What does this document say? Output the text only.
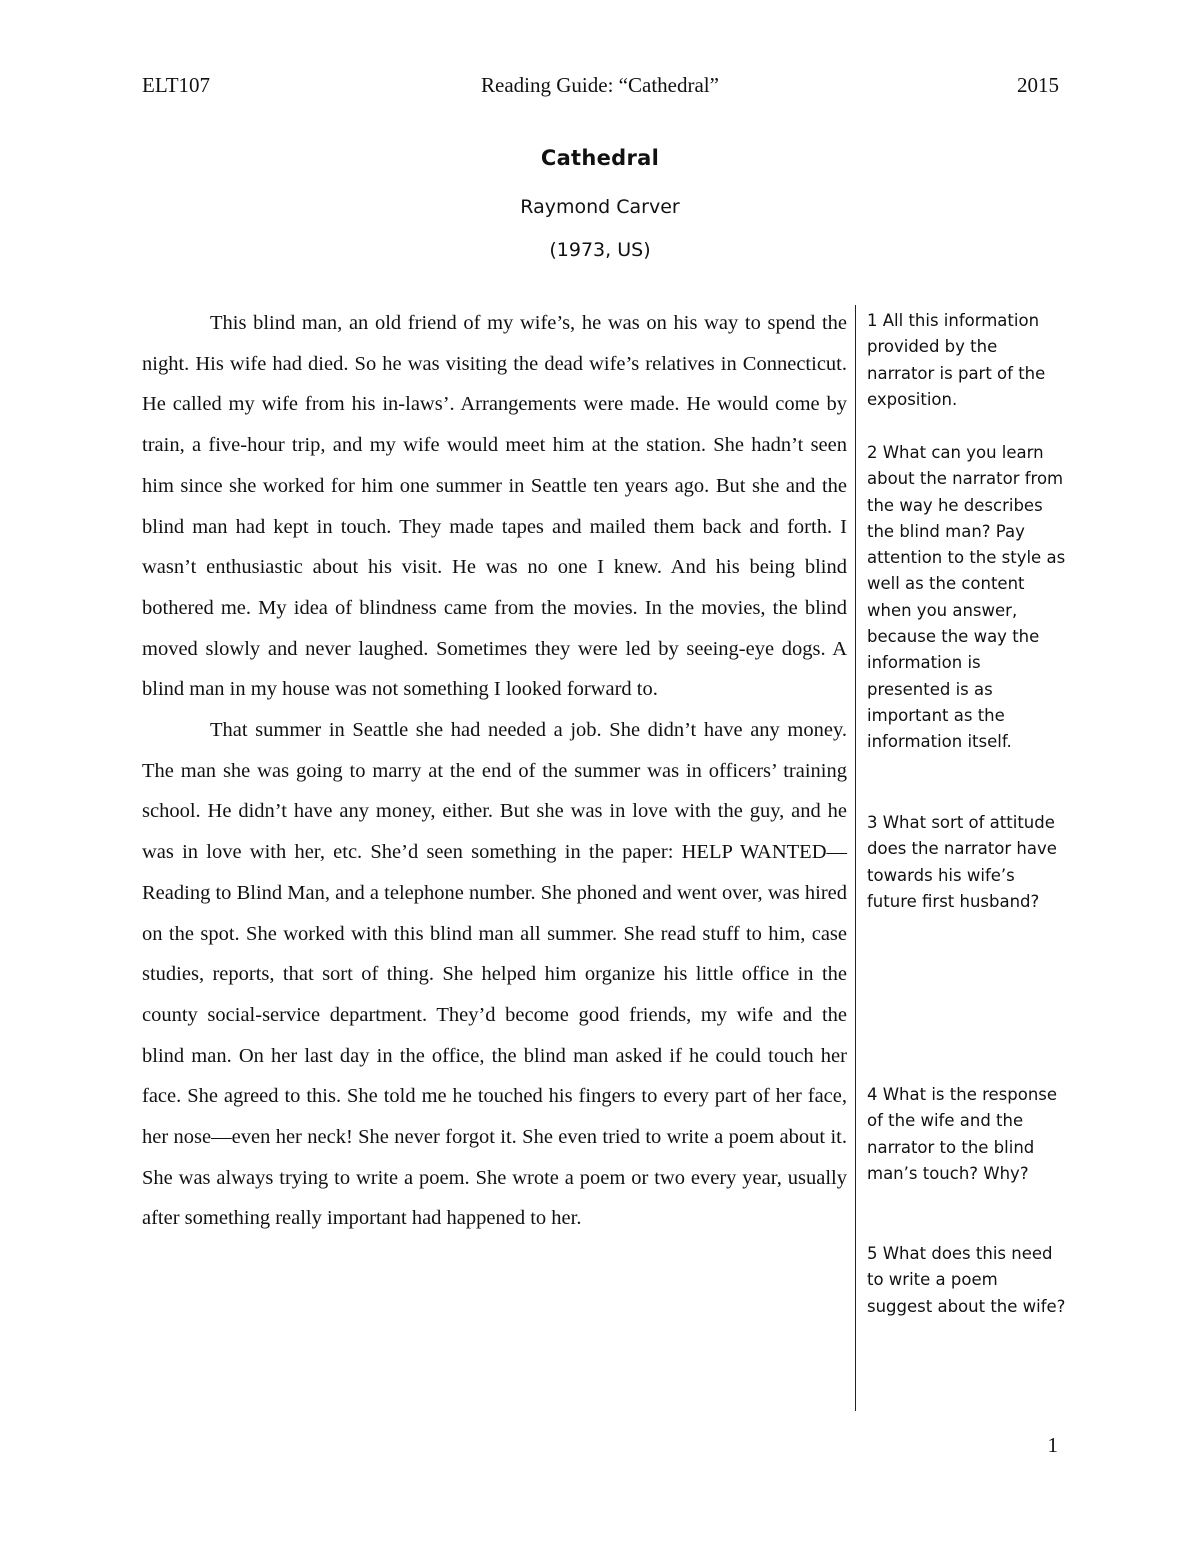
ELT107	Reading Guide: “Cathedral”	2015
Cathedral
Raymond Carver
(1973, US)

This blind man, an old friend of my wife’s, he was on his way to spend the night. His wife had died. So he was visiting the dead wife’s relatives in Connecticut. He called my wife from his in-laws’. Arrangements were made. He would come by train, a five-hour trip, and my wife would meet him at the station. She hadn’t seen him since she worked for him one summer in Seattle ten years ago. But she and the blind man had kept in touch. They made tapes and mailed them back and forth. I wasn’t enthusiastic about his visit. He was no one I knew. And his being blind bothered me. My idea of blindness came from the movies. In the movies, the blind moved slowly and never laughed. Sometimes they were led by seeing-eye dogs. A blind man in my house was not something I looked forward to.

That summer in Seattle she had needed a job. She didn’t have any money. The man she was going to marry at the end of the summer was in officers’ training school. He didn’t have any money, either. But she was in love with the guy, and he was in love with her, etc. She’d seen something in the paper: HELP WANTED—Reading to Blind Man, and a telephone number. She phoned and went over, was hired on the spot. She worked with this blind man all summer. She read stuff to him, case studies, reports, that sort of thing. She helped him organize his little office in the county social-service department. They’d become good friends, my wife and the blind man. On her last day in the office, the blind man asked if he could touch her face. She agreed to this. She told me he touched his fingers to every part of her face, her nose—even her neck! She never forgot it. She even tried to write a poem about it. She was always trying to write a poem. She wrote a poem or two every year, usually after something really important had happened to her.

1 All this information provided by the narrator is part of the exposition.
2 What can you learn about the narrator from the way he describes the blind man? Pay attention to the style as well as the content when you answer, because the way the information is presented is as important as the information itself.
3 What sort of attitude does the narrator have towards his wife’s future first husband?
4 What is the response of the wife and the narrator to the blind man’s touch? Why?
5 What does this need to write a poem suggest about the wife?
1
